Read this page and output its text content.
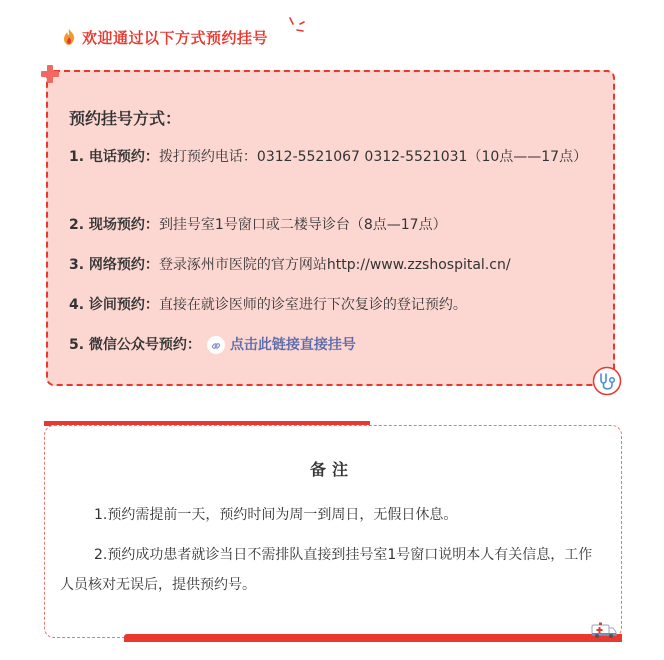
欢迎通过以下方式预约挂号
预约挂号方式：
1. 电话预约：拨打预约电话：0312-5521067 0312-5521031（10点——17点）
2. 现场预约：到挂号室1号窗口或二楼导诊台（8点—17点）
3. 网络预约：登录涿州市医院的官方网站http://www.zzshospital.cn/
4. 诊间预约：直接在就诊医师的诊室进行下次复诊的登记预约。
5. 微信公众号预约： 点击此链接直接挂号
备注
1.预约需提前一天，预约时间为周一到周日，无假日休息。
2.预约成功患者就诊当日不需排队直接到挂号室1号窗口说明本人有关信息，工作人员核对无误后，提供预约号。
